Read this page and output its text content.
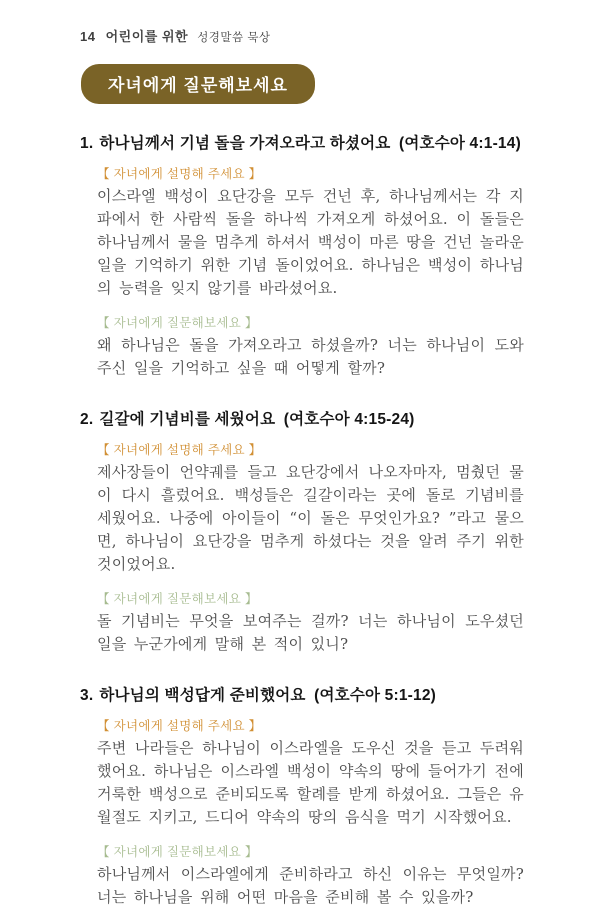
14 어린이를 위한 성경말씀 묵상
자녀에게 질문해보세요
1. 하나님께서 기념 돌을 가져오라고 하셨어요 (여호수아 4:1-14)
【 자녀에게 설명해 주세요 】

이스라엘 백성이 요단강을 모두 건넌 후, 하나님께서는 각 지파에서 한 사람씩 돌을 하나씩 가져오게 하셨어요. 이 돌들은 하나님께서 물을 멈추게 하셔서 백성이 마른 땅을 건넌 놀라운 일을 기억하기 위한 기념 돌이었어요. 하나님은 백성이 하나님의 능력을 잊지 않기를 바라셨어요.

【 자녀에게 질문해보세요 】

왜 하나님은 돌을 가져오라고 하셨을까? 너는 하나님이 도와주신 일을 기억하고 싶을 때 어떻게 할까?

2. 길갈에 기념비를 세웠어요 (여호수아 4:15-24)
【 자녀에게 설명해 주세요 】

제사장들이 언약궤를 들고 요단강에서 나오자마자, 멈췄던 물이 다시 흘렀어요. 백성들은 길갈이라는 곳에 돌로 기념비를 세웠어요. 나중에 아이들이 “이 돌은 무엇인가요? ”라고 물으면, 하나님이 요단강을 멈추게 하셨다는 것을 알려 주기 위한 것이었어요.

【 자녀에게 질문해보세요 】

돌 기념비는 무엇을 보여주는 걸까? 너는 하나님이 도우셨던 일을 누군가에게 말해 본 적이 있니?

3. 하나님의 백성답게 준비했어요 (여호수아 5:1-12)
【 자녀에게 설명해 주세요 】

주변 나라들은 하나님이 이스라엘을 도우신 것을 듣고 두려워했어요. 하나님은 이스라엘 백성이 약속의 땅에 들어가기 전에 거룩한 백성으로 준비되도록 할례를 받게 하셨어요. 그들은 유월절도 지키고, 드디어 약속의 땅의 음식을 먹기 시작했어요.

【 자녀에게 질문해보세요 】

하나님께서 이스라엘에게 준비하라고 하신 이유는 무엇일까? 너는 하나님을 위해 어떤 마음을 준비해 볼 수 있을까?
